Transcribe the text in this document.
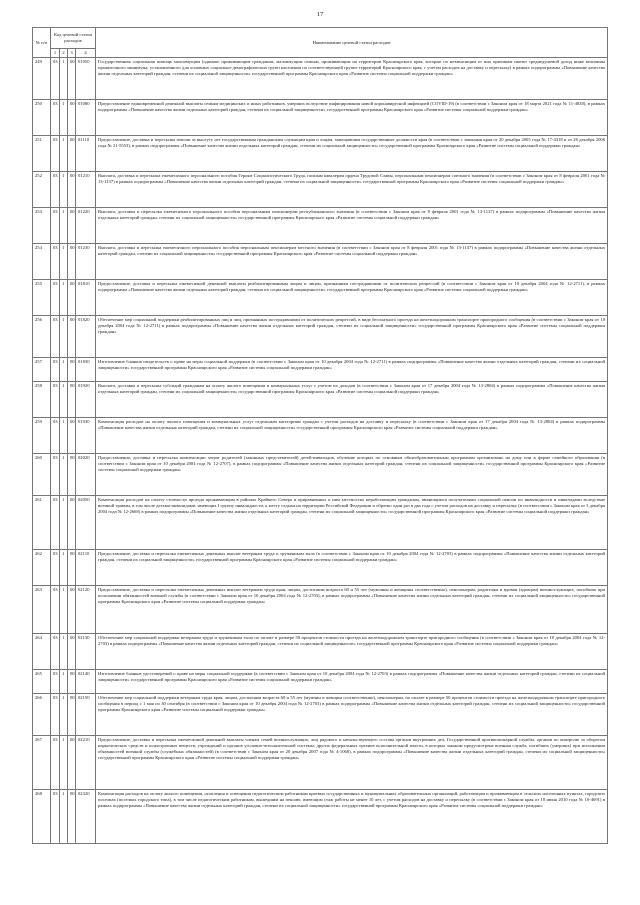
17
№ п/п	Код целевой статьи расходов				Наименование целевой статьи расходов
	1	2	3	4	
249	03	1	00	01050	Государственная социальная помощь малоимущим (одиноко проживающим гражданам, малоимущим семьям, проживающим на территории Красноярского края, которые по независящим от них причинам имеют среднедушевой доход ниже величины прожиточного минимума, установленного для основных социально-демографических групп населения по соответствующей группе территорий Красноярского края, с учетом расходов на доставку и пересылку) в рамках подпрограммы «Повышение качества жизни отдельных категорий граждан, степени их социальной защищенности» государственной программы Красноярского края «Развитие системы социальной поддержки граждан»
250	03	1	00	01080	Предоставление единовременной денежной выплаты семьям медицинских и иных работников, умерших вследствие инфицирования новой коронавирусной инфекцией (COVID-19) (в соответствии с Законом края от 18 марта 2021 года № 11-4838), в рамках подпрограммы «Повышение качества жизни отдельных категорий граждан, степени их социальной защищенности» государственной программы Красноярского края «Развитие системы социальной поддержки граждан»
251	03	1	00	01110	Предоставление, доставка и пересылка пенсии за выслугу лет государственным гражданским служащим края и лицам, замещавшим государственные должности края (в соответствии с законами края от 20 декабря 2005 года № 17-4318 и от 26 декабря 2006 года № 21-5553), в рамках подпрограммы «Повышение качества жизни отдельных категорий граждан, степени их социальной защищенности» государственной программы Красноярского края «Развитие системы социальной поддержки граждан»
252	03	1	00	01210	Выплата, доставка и пересылка ежемесячного персонального пособия Героям Социалистического Труда, полным кавалерам ордена Трудовой Славы, персональным пенсионерам союзного значения (в соответствии с Законом края от 8 февраля 2001 года № 13-1137) в рамках подпрограммы «Повышение качества жизни отдельных категорий граждан, степени их социальной защищенности» государственной программы Красноярского края «Развитие системы социальной поддержки граждан»
253	03	1	00	01220	Выплата, доставка и пересылка ежемесячного персонального пособия персональным пенсионерам республиканского значения (в соответствии с Законом края от 8 февраля 2001 года № 13-1137) в рамках подпрограммы «Повышение качества жизни отдельных категорий граждан, степени их социальной защищенности» государственной программы Красноярского края «Развитие системы социальной поддержки граждан»
254	03	1	00	01230	Выплата, доставка и пересылка ежемесячного персонального пособия персональным пенсионерам местного значения (в соответствии с Законом края от 8 февраля 2001 года № 13-1137) в рамках подпрограммы «Повышение качества жизни отдельных категорий граждан, степени их социальной защищенности» государственной программы Красноярского края «Развитие системы социальной поддержки граждан»
255	03	1	00	01810	Предоставление, доставка и пересылка ежемесячной денежной выплаты реабилитированным лицам и лицам, признанным пострадавшими от политических репрессий (в соответствии с Законом края от 10 декабря 2004 года № 12-2711), в рамках подпрограммы «Повышение качества жизни отдельных категорий граждан, степени их социальной защищенности» государственной программы Красноярского края «Развитие системы социальной поддержки граждан»
256	03	1	00	01820	Обеспечение мер социальной поддержки реабилитированных лиц и лиц, признанных пострадавшими от политических репрессий, в виде бесплатного проезда на железнодорожном транспорте пригородного сообщения (в соответствии с Законом края от 10 декабря 2004 года № 12-2711) в рамках подпрограммы «Повышение качества жизни отдельных категорий граждан, степени их социальной защищенности» государственной программы Красноярского края «Развитие системы социальной поддержки граждан»
257	03	1	00	01830	Изготовление бланков свидетельств о праве на меры социальной поддержки (в соответствии с Законом края от 10 декабря 2004 года № 12-2711) в рамках подпрограммы «Повышение качества жизни отдельных категорий граждан, степени их социальной защищенности» государственной программы Красноярского края «Развитие системы социальной поддержки граждан»
258	03	1	00	01920	Выплата, доставка и пересылка субсидий гражданам на оплату жилого помещения и коммунальных услуг с учетом их доходов (в соответствии с Законом края от 17 декабря 2004 года № 13-2804) в рамках подпрограммы «Повышение качества жизни отдельных категорий граждан, степени их социальной защищенности» государственной программы Красноярского края «Развитие системы социальной поддержки граждан»
259	03	1	00	01930	Компенсация расходов на оплату жилого помещения и коммунальных услуг отдельным категориям граждан с учетом расходов на доставку и пересылку (в соответствии с Законом края от 17 декабря 2004 года № 13-2804) в рамках подпрограммы «Повышение качества жизни отдельных категорий граждан, степени их социальной защищенности» государственной программы Красноярского края «Развитие системы социальной поддержки граждан»
260	03	1	00	02020	Предоставление, доставка и пересылка компенсации затрат родителей (законных представителей) детей-инвалидов, обучение которых по основным общеобразовательным программам организовано на дому или в форме семейного образования (в соответствии с Законом края от 10 декабря 2004 года № 12-2707), в рамках подпрограммы «Повышение качества жизни отдельных категорий граждан, степени их социальной защищенности» государственной программы Красноярского края «Развитие системы социальной поддержки граждан»
261	03	1	00	02050	Компенсация расходов на оплату стоимости проезда проживающим в районах Крайнего Севера и приравненных к ним местностях неработающим гражданам, являющимся получателями социальной пенсии по инвалидности и инвалидами вследствие военной травмы, в том числе детьми-инвалидами, имеющих I группу инвалидности, к месту отдыха на территории Российской Федерации и обратно один раз в два года с учетом расходов на доставку и пересылку (в соответствии с Законом края от 3 декабря 2004 года № 12-2668) в рамках подпрограммы «Повышение качества жизни отдельных категорий граждан, степени их социальной защищенности» государственной программы Красноярского края «Развитие системы социальной поддержки граждан»
262	03	1	00	02110	Предоставление, доставка и пересылка ежемесячных денежных выплат ветеранам труда и труженикам тыла (в соответствии с Законом края от 10 декабря 2004 года № 12-2703) в рамках подпрограммы «Повышение качества жизни отдельных категорий граждан, степени их социальной защищенности» государственной программы Красноярского края «Развитие системы социальной поддержки граждан»
263	03	1	00	02120	Предоставление, доставка и пересылка ежемесячных денежных выплат ветеранам труда края, лицам, достигшим возраста 60 и 55 лет (мужчины и женщины соответственно), пенсионерам, родителям и вдовам (вдовцам) военнослужащих, погибших при исполнении обязанностей военной службы (в соответствии с Законом края от 10 декабря 2004 года № 12-2703), в рамках подпрограммы «Повышение качества жизни отдельных категорий граждан, степени их социальной защищенности» государственной программы Красноярского края «Развитие системы социальной поддержки граждан»
264	03	1	00	02130	Обеспечение мер социальной поддержки ветеранам труда и труженикам тыла по оплате в размере 50 процентов стоимости проезда на железнодорожном транспорте пригородного сообщения (в соответствии с Законом края от 10 декабря 2004 года № 12-2703) в рамках подпрограммы «Повышение качества жизни отдельных категорий граждан, степени их социальной защищенности» государственной программы Красноярского края «Развитие системы социальной поддержки граждан»
265	03	1	00	02140	Изготовление бланков удостоверений о праве на меры социальной поддержки (в соответствии с Законом края от 10 декабря 2004 года № 12-2703) в рамках подпрограммы «Повышение качества жизни отдельных категорий граждан, степени их социальной защищенности» государственной программы Красноярского края «Развитие системы социальной поддержки граждан»
266	03	1	00	02150	Обеспечение мер социальной поддержки ветеранам труда края, лицам, достигшим возраста 60 и 55 лет (мужчин и женщин соответственно), пенсионерам, по оплате в размере 50 процентов стоимости проезда на железнодорожном транспорте пригородного сообщения в период с 1 мая по 30 сентября (в соответствии с Законом края от 10 декабря 2004 года № 12-2703) в рамках подпрограммы «Повышение качества жизни отдельных категорий граждан, степени их социальной защищенности» государственной программы Красноярского края «Развитие системы социальной поддержки граждан»
267	03	1	00	02210	Предоставление, доставка и пересылка ежемесячной денежной выплаты членам семей военнослужащих, лиц рядового и начальствующего состава органов внутренних дел, Государственной противопожарной службы, органов по контролю за оборотом наркотических средств и психотропных веществ, учреждений и органов уголовно-исполнительной системы, других федеральных органов исполнительной власти, в которых законом предусмотрена военная служба, погибших (умерших) при исполнении обязанностей военной службы (служебных обязанностей) (в соответствии с Законом края от 20 декабря 2007 года № 4-1068), в рамках подпрограммы «Повышение качества жизни отдельных категорий граждан, степени их социальной защищенности» государственной программы Красноярского края «Развитие системы социальной поддержки граждан»
268	03	1	00	02320	Компенсация расходов на оплату жилого помещения, отопления и освещения педагогическим работникам краевых государственных и муниципальных образовательных организаций, работающим и проживающим в сельских населенных пунктах, городских поселках (поселках городского типа), в том числе педагогическим работникам, вышедшим на пенсию, имеющим стаж работы не менее 10 лет, с учетом расходов на доставку и пересылку (в соответствии с Законом края от 10 июня 2010 года № 10-4691) в рамках подпрограммы «Повышение качества жизни отдельных категорий граждан, степени их социальной защищенности» государственной программы Красноярского края «Развитие системы социальной поддержки граждан»
